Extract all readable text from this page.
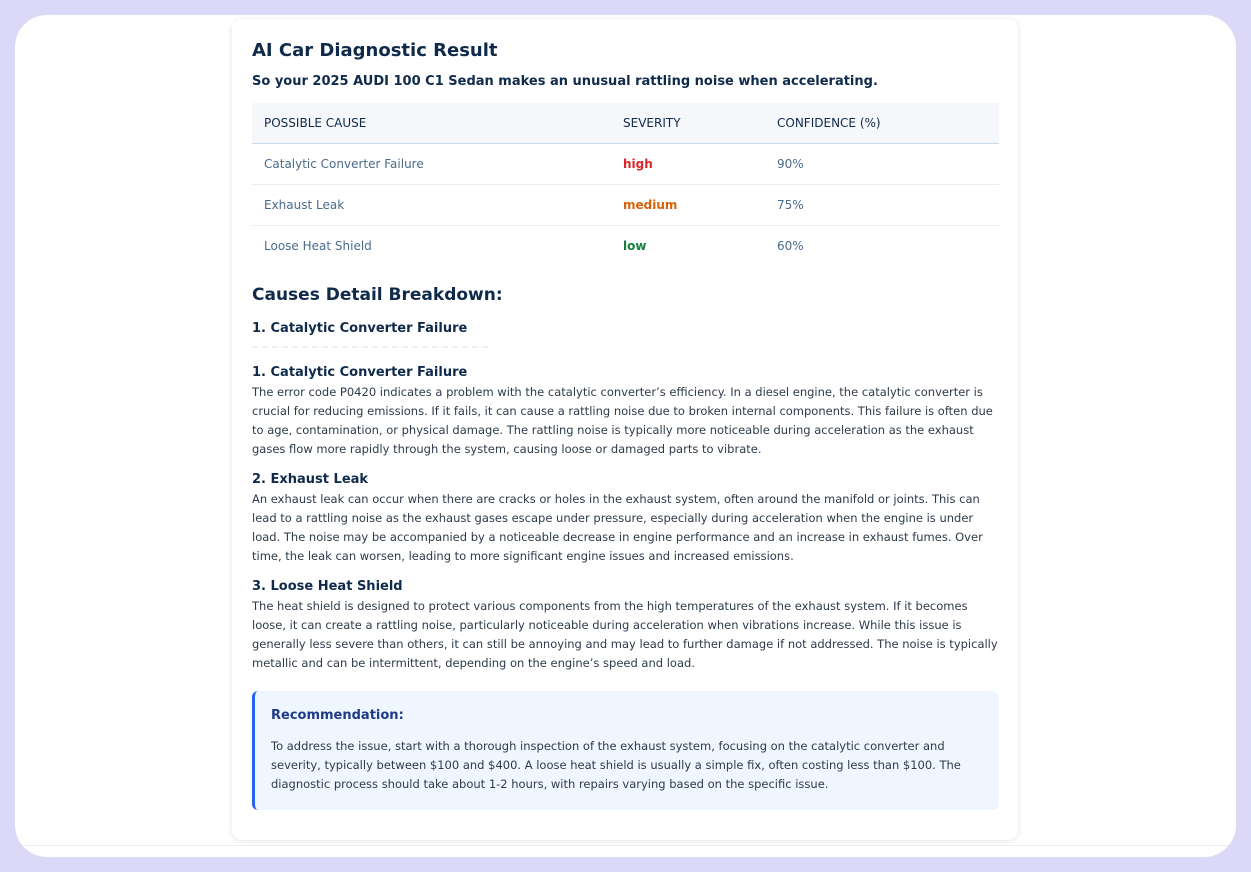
AI Car Diagnostic Result

So your 2025 AUDI 100 C1 Sedan makes an unusual rattling noise when accelerating.

POSSIBLE CAUSE	SEVERITY	CONFIDENCE (%)
Catalytic Converter Failure	high	90%
Exhaust Leak	medium	75%
Loose Heat Shield	low	60%
Causes Detail Breakdown:
1. Catalytic Converter Failure
1. Catalytic Converter Failure

The error code P0420 indicates a problem with the catalytic converter’s efficiency. In a diesel engine, the catalytic converter is crucial for reducing emissions. If it fails, it can cause a rattling noise due to broken internal components. This failure is often due to age, contamination, or physical damage. The rattling noise is typically more noticeable during acceleration as the exhaust gases flow more rapidly through the system, causing loose or damaged parts to vibrate.

2. Exhaust Leak

An exhaust leak can occur when there are cracks or holes in the exhaust system, often around the manifold or joints. This can lead to a rattling noise as the exhaust gases escape under pressure, especially during acceleration when the engine is under load. The noise may be accompanied by a noticeable decrease in engine performance and an increase in exhaust fumes. Over time, the leak can worsen, leading to more significant engine issues and increased emissions.

3. Loose Heat Shield

The heat shield is designed to protect various components from the high temperatures of the exhaust system. If it becomes loose, it can create a rattling noise, particularly noticeable during acceleration when vibrations increase. While this issue is generally less severe than others, it can still be annoying and may lead to further damage if not addressed. The noise is typically metallic and can be intermittent, depending on the engine’s speed and load.

Recommendation:

To address the issue, start with a thorough inspection of the exhaust system, focusing on the catalytic converter and severity, typically between $100 and $400. A loose heat shield is usually a simple fix, often costing less than $100. The diagnostic process should take about 1-2 hours, with repairs varying based on the specific issue.
